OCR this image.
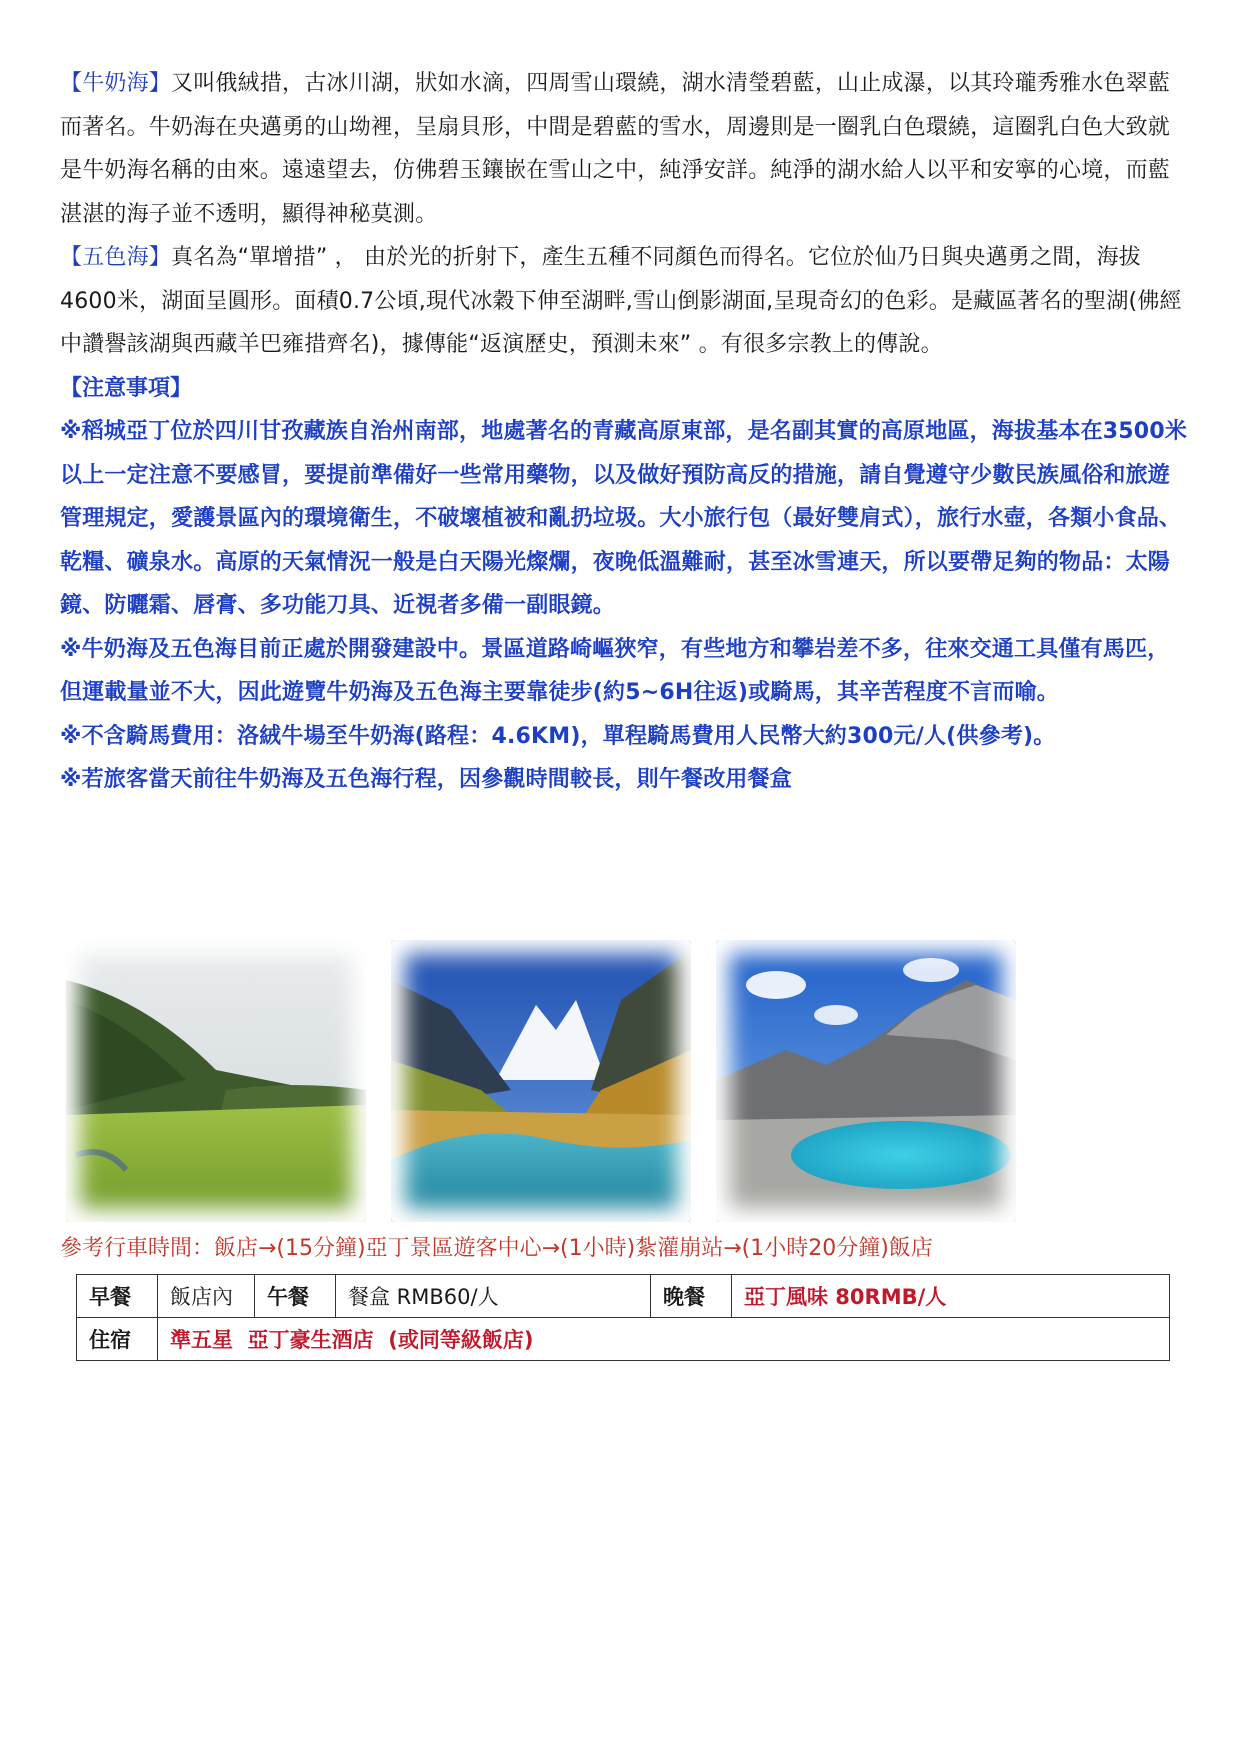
【牛奶海】又叫俄絨措，古冰川湖，狀如水滴，四周雪山環繞，湖水清瑩碧藍，山止成瀑，以其玲瓏秀雅水色翠藍而著名。牛奶海在央邁勇的山坳裡，呈扇貝形，中間是碧藍的雪水，周邊則是一圈乳白色環繞，這圈乳白色大致就是牛奶海名稱的由來。遠遠望去，仿佛碧玉鑲嵌在雪山之中，純淨安詳。純淨的湖水給人以平和安寧的心境，而藍湛湛的海子並不透明，顯得神秘莫測。

【五色海】真名為“單增措” ， 由於光的折射下，產生五種不同顏色而得名。它位於仙乃日與央邁勇之間，海拔4600米，湖面呈圓形。面積0.7公頃,現代冰穀下伸至湖畔,雪山倒影湖面,呈現奇幻的色彩。是藏區著名的聖湖(佛經中讚譽該湖與西藏羊巴雍措齊名)，據傳能“返演歷史，預測未來” 。有很多宗教上的傳說。

【注意事項】

※稻城亞丁位於四川甘孜藏族自治州南部，地處著名的青藏高原東部，是名副其實的高原地區，海拔基本在3500米以上一定注意不要感冒，要提前準備好一些常用藥物，以及做好預防高反的措施，請自覺遵守少數民族風俗和旅遊管理規定，愛護景區內的環境衛生，不破壞植被和亂扔垃圾。大小旅行包（最好雙肩式），旅行水壺，各類小食品、乾糧、礦泉水。高原的天氣情況一般是白天陽光燦爛，夜晚低溫難耐，甚至冰雪連天，所以要帶足夠的物品：太陽鏡、防曬霜、唇膏、多功能刀具、近視者多備一副眼鏡。

※牛奶海及五色海目前正處於開發建設中。景區道路崎嶇狹窄，有些地方和攀岩差不多，往來交通工具僅有馬匹，但運載量並不大，因此遊覽牛奶海及五色海主要靠徒步(約5~6H往返)或騎馬，其辛苦程度不言而喻。

※不含騎馬費用：洛絨牛場至牛奶海(路程：4.6KM)，單程騎馬費用人民幣大約300元/人(供參考)。

※若旅客當天前往牛奶海及五色海行程，因參觀時間較長，則午餐改用餐盒

參考行車時間：飯店→(15分鐘)亞丁景區遊客中心→(1小時)紮灌崩站→(1小時20分鐘)飯店
早餐	飯店內	午餐	餐盒 RMB60/人	晚餐	亞丁風味 80RMB/人
住宿	準五星  亞丁豪生酒店  (或同等級飯店)				
